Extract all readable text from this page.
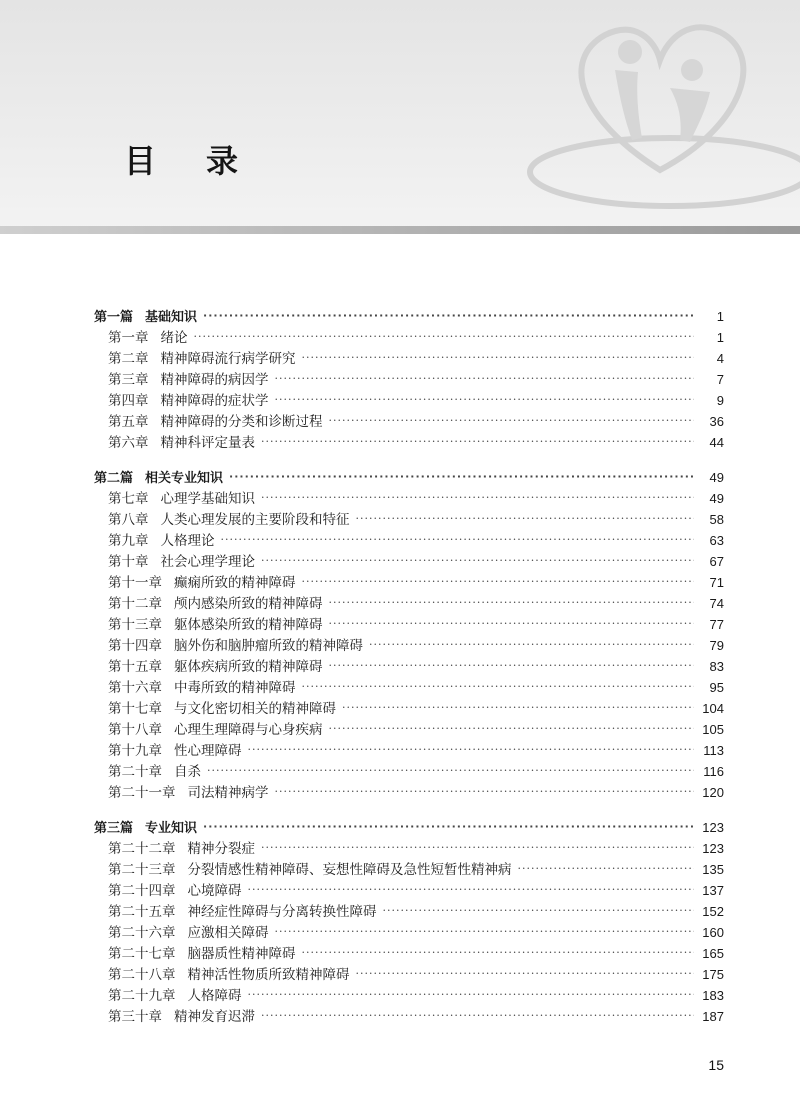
目 录
第一篇 基础知识 ·····	1
第一章 绪论 ·····	1
第二章 精神障碍流行病学研究 ·····	4
第三章 精神障碍的病因学 ·····	7
第四章 精神障碍的症状学 ·····	9
第五章 精神障碍的分类和诊断过程 ·····	36
第六章 精神科评定量表 ·····	44
第二篇 相关专业知识 ·····	49
第七章 心理学基础知识 ·····	49
第八章 人类心理发展的主要阶段和特征 ·····	58
第九章 人格理论 ·····	63
第十章 社会心理学理论 ·····	67
第十一章 癫痫所致的精神障碍 ·····	71
第十二章 颅内感染所致的精神障碍 ·····	74
第十三章 躯体感染所致的精神障碍 ·····	77
第十四章 脑外伤和脑肿瘤所致的精神障碍 ·····	79
第十五章 躯体疾病所致的精神障碍 ·····	83
第十六章 中毒所致的精神障碍 ·····	95
第十七章 与文化密切相关的精神障碍 ·····	104
第十八章 心理生理障碍与心身疾病 ·····	105
第十九章 性心理障碍 ·····	113
第二十章 自杀 ·····	116
第二十一章 司法精神病学 ·····	120
第三篇 专业知识 ·····	123
第二十二章 精神分裂症 ·····	123
第二十三章 分裂情感性精神障碍、妄想性障碍及急性短暂性精神病 ·····	135
第二十四章 心境障碍 ·····	137
第二十五章 神经症性障碍与分离转换性障碍 ·····	152
第二十六章 应激相关障碍 ·····	160
第二十七章 脑器质性精神障碍 ·····	165
第二十八章 精神活性物质所致精神障碍 ·····	175
第二十九章 人格障碍 ·····	183
第三十章 精神发育迟滞 ·····	187
15
